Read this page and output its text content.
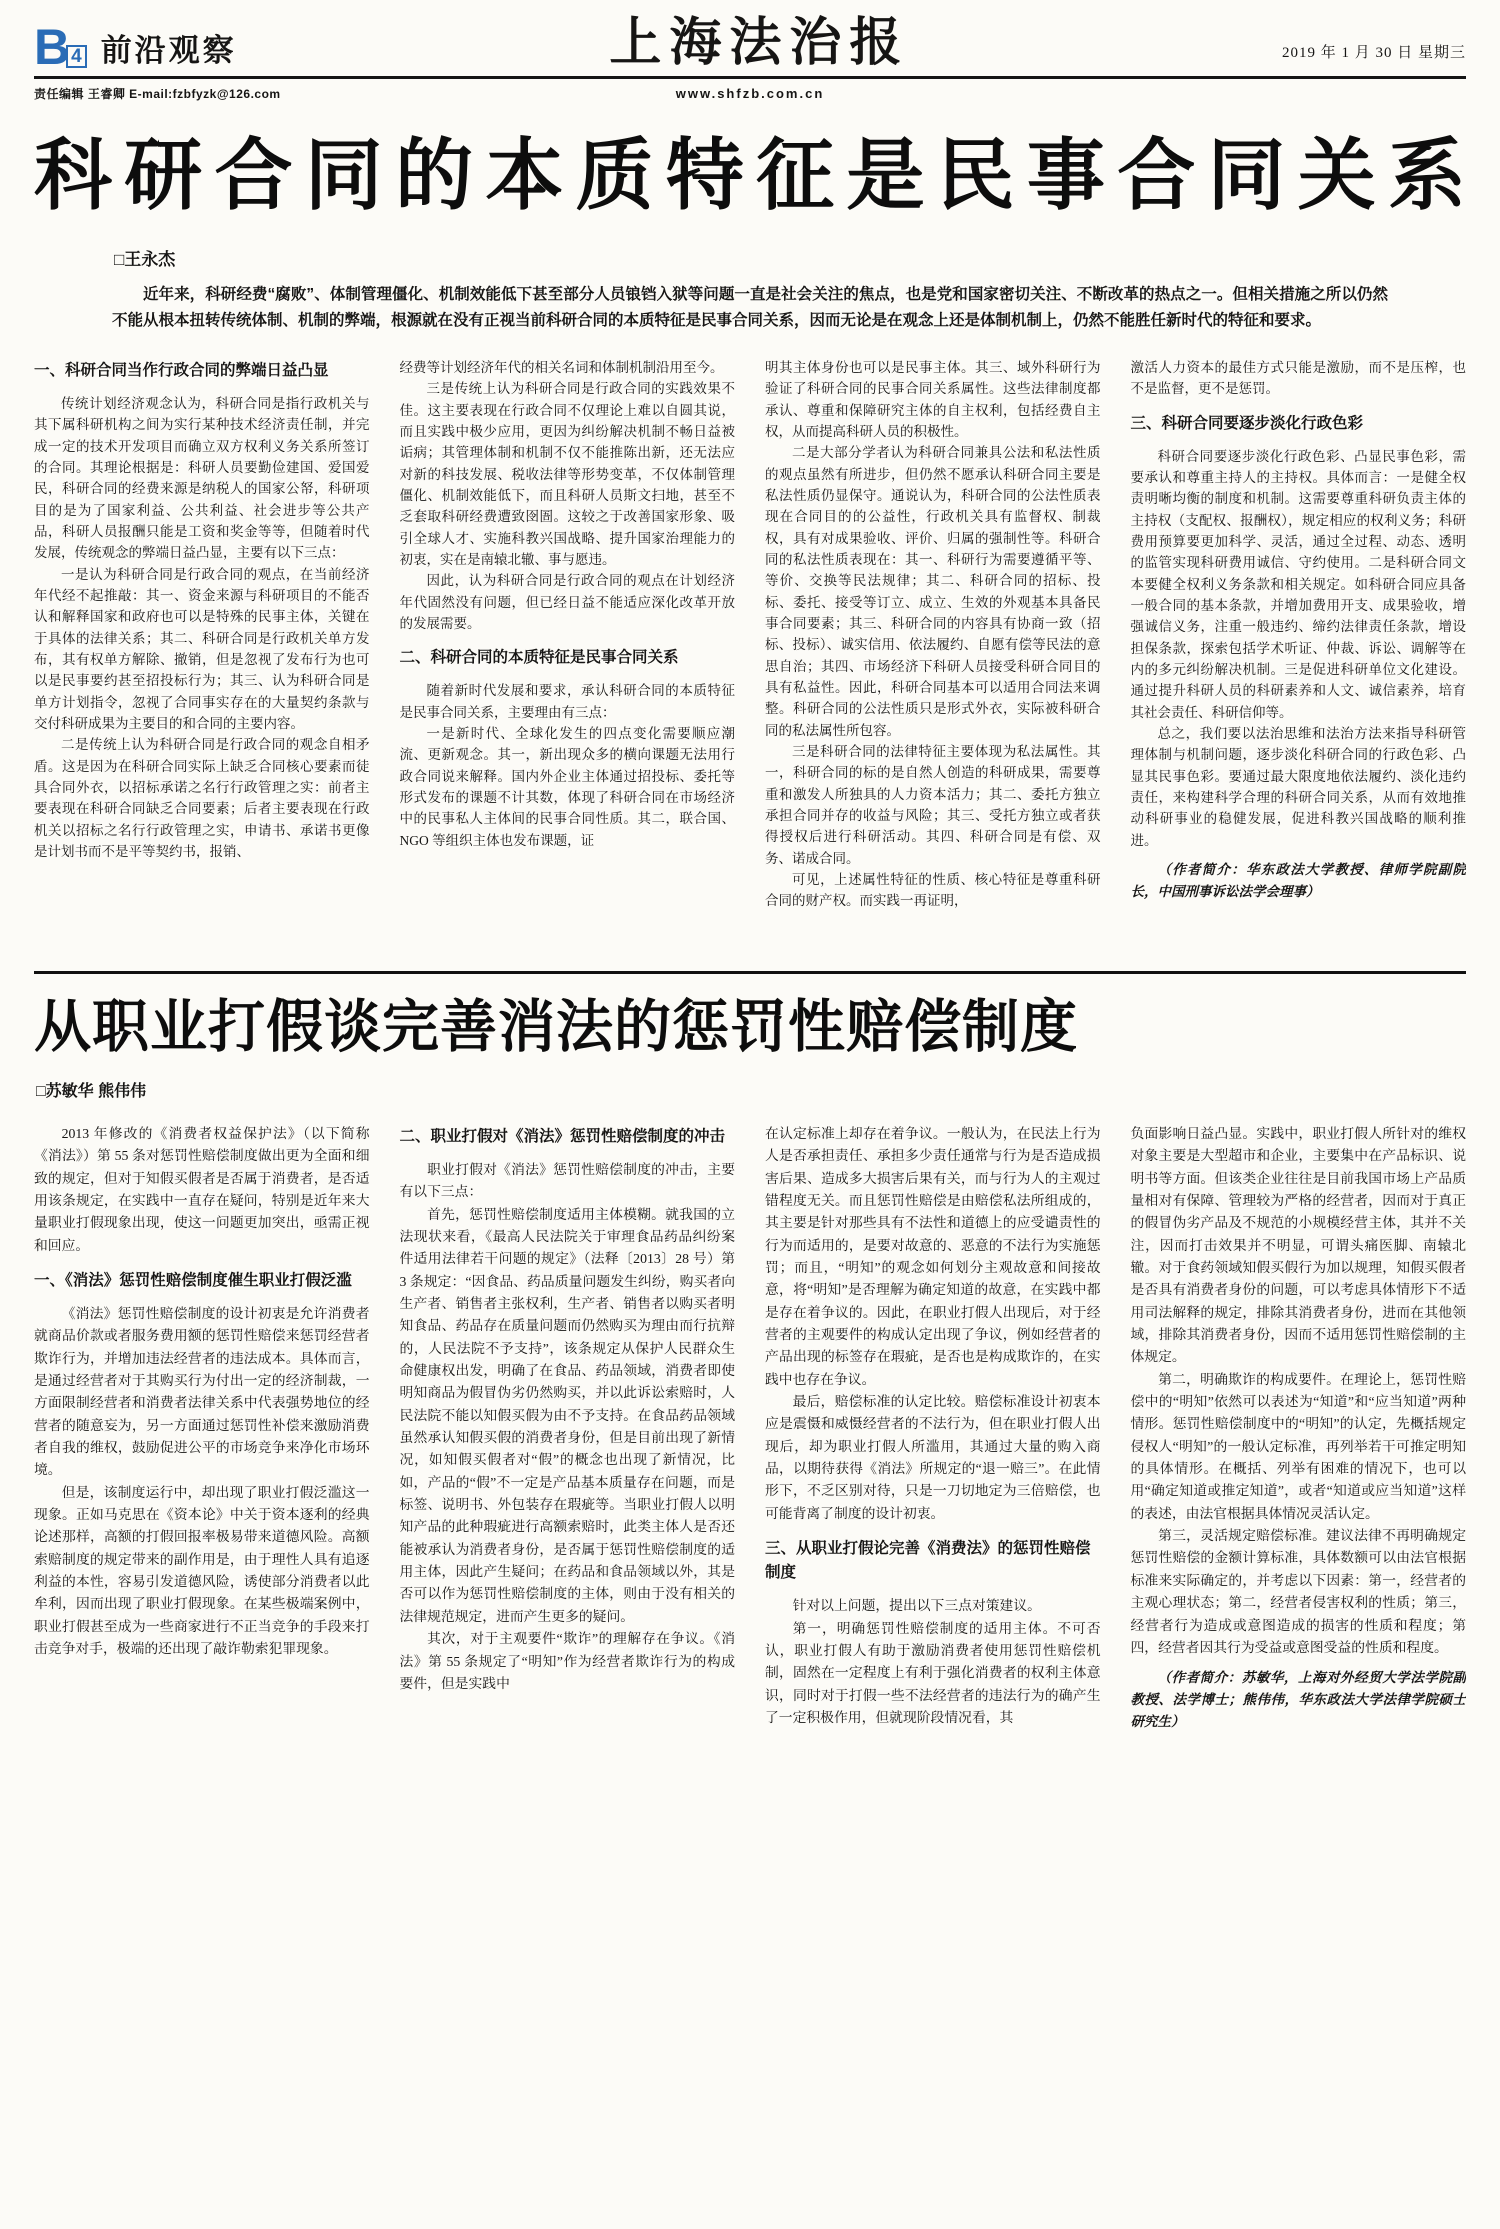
B 4 前沿观察	上海法治报	2019 年 1 月 30 日 星期三
责任编辑 王睿卿 E-mail:fzbfyzk@126.com	www.shfzb.com.cn
科研合同的本质特征是民事合同关系
□王永杰

近年来，科研经费“腐败”、体制管理僵化、机制效能低下甚至部分人员锒铛入狱等问题一直是社会关注的焦点，也是党和国家密切关注、不断改革的热点之一。但相关措施之所以仍然不能从根本扭转传统体制、机制的弊端，根源就在没有正视当前科研合同的本质特征是民事合同关系，因而无论是在观念上还是体制机制上，仍然不能胜任新时代的特征和要求。

一、科研合同当作行政合同的弊端日益凸显

传统计划经济观念认为，科研合同是指行政机关与其下属科研机构之间为实行某种技术经济责任制，并完成一定的技术开发项目而确立双方权利义务关系所签订的合同。其理论根据是：科研人员要勤俭建国、爱国爱民，科研合同的经费来源是纳税人的国家公帑，科研项目的是为了国家利益、公共利益、社会进步等公共产品，科研人员报酬只能是工资和奖金等等，但随着时代发展，传统观念的弊端日益凸显，主要有以下三点：

一是认为科研合同是行政合同的观点，在当前经济年代经不起推敲：其一、资金来源与科研项目的不能否认和解释国家和政府也可以是特殊的民事主体，关键在于具体的法律关系；其二、科研合同是行政机关单方发布，其有权单方解除、撤销，但是忽视了发布行为也可以是民事要约甚至招投标行为；其三、认为科研合同是单方计划指令，忽视了合同事实存在的大量契约条款与交付科研成果为主要目的和合同的主要内容。

二是传统上认为科研合同是行政合同的观念自相矛盾。这是因为在科研合同实际上缺乏合同核心要素而徒具合同外衣，以招标承诺之名行行政管理之实：前者主要表现在科研合同缺乏合同要素；后者主要表现在行政机关以招标之名行行政管理之实，申请书、承诺书更像是计划书而不是平等契约书，报销、

经费等计划经济年代的相关名词和体制机制沿用至今。

三是传统上认为科研合同是行政合同的实践效果不佳。这主要表现在行政合同不仅理论上难以自圆其说，而且实践中极少应用，更因为纠纷解决机制不畅日益被诟病；其管理体制和机制不仅不能推陈出新，还无法应对新的科技发展、税收法律等形势变革，不仅体制管理僵化、机制效能低下，而且科研人员斯文扫地，甚至不乏套取科研经费遭致囹圄。这较之于改善国家形象、吸引全球人才、实施科教兴国战略、提升国家治理能力的初衷，实在是南辕北辙、事与愿违。

因此，认为科研合同是行政合同的观点在计划经济年代固然没有问题，但已经日益不能适应深化改革开放的发展需要。

二、科研合同的本质特征是民事合同关系

随着新时代发展和要求，承认科研合同的本质特征是民事合同关系，主要理由有三点：

一是新时代、全球化发生的四点变化需要顺应潮流、更新观念。其一，新出现众多的横向课题无法用行政合同说来解释。国内外企业主体通过招投标、委托等形式发布的课题不计其数，体现了科研合同在市场经济中的民事私人主体间的民事合同性质。其二，联合国、NGO 等组织主体也发布课题，证

明其主体身份也可以是民事主体。其三、域外科研行为验证了科研合同的民事合同关系属性。这些法律制度都承认、尊重和保障研究主体的自主权利，包括经费自主权，从而提高科研人员的积极性。

二是大部分学者认为科研合同兼具公法和私法性质的观点虽然有所进步，但仍然不愿承认科研合同主要是私法性质仍显保守。通说认为，科研合同的公法性质表现在合同目的的公益性，行政机关具有监督权、制裁权，具有对成果验收、评价、归属的强制性等。科研合同的私法性质表现在：其一、科研行为需要遵循平等、等价、交换等民法规律；其二、科研合同的招标、投标、委托、接受等订立、成立、生效的外观基本具备民事合同要素；其三、科研合同的内容具有协商一致（招标、投标）、诚实信用、依法履约、自愿有偿等民法的意思自治；其四、市场经济下科研人员接受科研合同目的具有私益性。因此，科研合同基本可以适用合同法来调整。科研合同的公法性质只是形式外衣，实际被科研合同的私法属性所包容。

三是科研合同的法律特征主要体现为私法属性。其一，科研合同的标的是自然人创造的科研成果，需要尊重和激发人所独具的人力资本活力；其二、委托方独立承担合同并存的收益与风险；其三、受托方独立或者获得授权后进行科研活动。其四、科研合同是有偿、双务、诺成合同。

可见，上述属性特征的性质、核心特征是尊重科研合同的财产权。而实践一再证明，

激活人力资本的最佳方式只能是激励，而不是压榨，也不是监督，更不是惩罚。

三、科研合同要逐步淡化行政色彩

科研合同要逐步淡化行政色彩、凸显民事色彩，需要承认和尊重主持人的主持权。具体而言：一是健全权责明晰均衡的制度和机制。这需要尊重科研负责主体的主持权（支配权、报酬权），规定相应的权利义务；科研费用预算要更加科学、灵活，通过全过程、动态、透明的监管实现科研费用诚信、守约使用。二是科研合同文本要健全权利义务条款和相关规定。如科研合同应具备一般合同的基本条款，并增加费用开支、成果验收，增强诚信义务，注重一般违约、缔约法律责任条款，增设担保条款，探索包括学术听证、仲裁、诉讼、调解等在内的多元纠纷解决机制。三是促进科研单位文化建设。通过提升科研人员的科研素养和人文、诚信素养，培育其社会责任、科研信仰等。

总之，我们要以法治思维和法治方法来指导科研管理体制与机制问题，逐步淡化科研合同的行政色彩、凸显其民事色彩。要通过最大限度地依法履约、淡化违约责任，来构建科学合理的科研合同关系，从而有效地推动科研事业的稳健发展，促进科教兴国战略的顺利推进。

（作者简介：华东政法大学教授、律师学院副院长，中国刑事诉讼法学会理事）

从职业打假谈完善消法的惩罚性赔偿制度
□苏敏华 熊伟伟

2013 年修改的《消费者权益保护法》（以下简称《消法》）第 55 条对惩罚性赔偿制度做出更为全面和细致的规定，但对于知假买假者是否属于消费者，是否适用该条规定，在实践中一直存在疑问，特别是近年来大量职业打假现象出现，使这一问题更加突出，亟需正视和回应。

一、《消法》惩罚性赔偿制度催生职业打假泛滥

《消法》惩罚性赔偿制度的设计初衷是允许消费者就商品价款或者服务费用额的惩罚性赔偿来惩罚经营者欺诈行为，并增加违法经营者的违法成本。具体而言，是通过经营者对于其购买行为付出一定的经济制裁，一方面限制经营者和消费者法律关系中代表强势地位的经营者的随意妄为，另一方面通过惩罚性补偿来激励消费者自我的维权，鼓励促进公平的市场竞争来净化市场环境。

但是，该制度运行中，却出现了职业打假泛滥这一现象。正如马克思在《资本论》中关于资本逐利的经典论述那样，高额的打假回报率极易带来道德风险。高额索赔制度的规定带来的副作用是，由于理性人具有追逐利益的本性，容易引发道德风险，诱使部分消费者以此牟利，因而出现了职业打假现象。在某些极端案例中，职业打假甚至成为一些商家进行不正当竞争的手段来打击竞争对手，极端的还出现了敲诈勒索犯罪现象。

二、职业打假对《消法》惩罚性赔偿制度的冲击

职业打假对《消法》惩罚性赔偿制度的冲击，主要有以下三点：

首先，惩罚性赔偿制度适用主体模糊。就我国的立法现状来看，《最高人民法院关于审理食品药品纠纷案件适用法律若干问题的规定》（法释〔2013〕28 号）第 3 条规定：“因食品、药品质量问题发生纠纷，购买者向生产者、销售者主张权利，生产者、销售者以购买者明知食品、药品存在质量问题而仍然购买为理由而行抗辩的，人民法院不予支持”，该条规定从保护人民群众生命健康权出发，明确了在食品、药品领域，消费者即使明知商品为假冒伪劣仍然购买，并以此诉讼索赔时，人民法院不能以知假买假为由不予支持。在食品药品领域虽然承认知假买假的消费者身份，但是目前出现了新情况，如知假买假者对“假”的概念也出现了新情况，比如，产品的“假”不一定是产品基本质量存在问题，而是标签、说明书、外包装存在瑕疵等。当职业打假人以明知产品的此种瑕疵进行高额索赔时，此类主体人是否还能被承认为消费者身份，是否属于惩罚性赔偿制度的适用主体，因此产生疑问；在药品和食品领域以外，其是否可以作为惩罚性赔偿制度的主体，则由于没有相关的法律规范规定，进而产生更多的疑问。

其次，对于主观要件“欺诈”的理解存在争议。《消法》第 55 条规定了“明知”作为经营者欺诈行为的构成要件，但是实践中

在认定标准上却存在着争议。一般认为，在民法上行为人是否承担责任、承担多少责任通常与行为是否造成损害后果、造成多大损害后果有关，而与行为人的主观过错程度无关。而且惩罚性赔偿是由赔偿私法所组成的，其主要是针对那些具有不法性和道德上的应受谴责性的行为而适用的，是要对故意的、恶意的不法行为实施惩罚；而且，“明知”的观念如何划分主观故意和间接故意，将“明知”是否理解为确定知道的故意，在实践中都是存在着争议的。因此，在职业打假人出现后，对于经营者的主观要件的构成认定出现了争议，例如经营者的产品出现的标签存在瑕疵，是否也是构成欺诈的，在实践中也存在争议。

最后，赔偿标准的认定比较。赔偿标准设计初衷本应是震慑和威慑经营者的不法行为，但在职业打假人出现后，却为职业打假人所滥用，其通过大量的购入商品，以期待获得《消法》所规定的“退一赔三”。在此情形下，不乏区别对待，只是一刀切地定为三倍赔偿，也可能背离了制度的设计初衷。

三、从职业打假论完善《消费法》的惩罚性赔偿制度

针对以上问题，提出以下三点对策建议。

第一，明确惩罚性赔偿制度的适用主体。不可否认，职业打假人有助于激励消费者使用惩罚性赔偿机制，固然在一定程度上有利于强化消费者的权利主体意识，同时对于打假一些不法经营者的违法行为的确产生了一定积极作用，但就现阶段情况看，其

负面影响日益凸显。实践中，职业打假人所针对的维权对象主要是大型超市和企业，主要集中在产品标识、说明书等方面。但该类企业往往是目前我国市场上产品质量相对有保障、管理较为严格的经营者，因而对于真正的假冒伪劣产品及不规范的小规模经营主体，其并不关注，因而打击效果并不明显，可谓头痛医脚、南辕北辙。对于食药领域知假买假行为加以规理，知假买假者是否具有消费者身份的问题，可以考虑具体情形下不适用司法解释的规定，排除其消费者身份，进而在其他领域，排除其消费者身份，因而不适用惩罚性赔偿制的主体规定。

第二，明确欺诈的构成要件。在理论上，惩罚性赔偿中的“明知”依然可以表述为“知道”和“应当知道”两种情形。惩罚性赔偿制度中的“明知”的认定，先概括规定侵权人“明知”的一般认定标准，再列举若干可推定明知的具体情形。在概括、列举有困难的情况下，也可以用“确定知道或推定知道”，或者“知道或应当知道”这样的表述，由法官根据具体情况灵活认定。

第三，灵活规定赔偿标准。建议法律不再明确规定惩罚性赔偿的金额计算标准，具体数额可以由法官根据标准来实际确定的，并考虑以下因素：第一，经营者的主观心理状态；第二，经营者侵害权利的性质；第三，经营者行为造成或意图造成的损害的性质和程度；第四，经营者因其行为受益或意图受益的性质和程度。

（作者简介：苏敏华，上海对外经贸大学法学院副教授、法学博士；熊伟伟，华东政法大学法律学院硕士研究生）
